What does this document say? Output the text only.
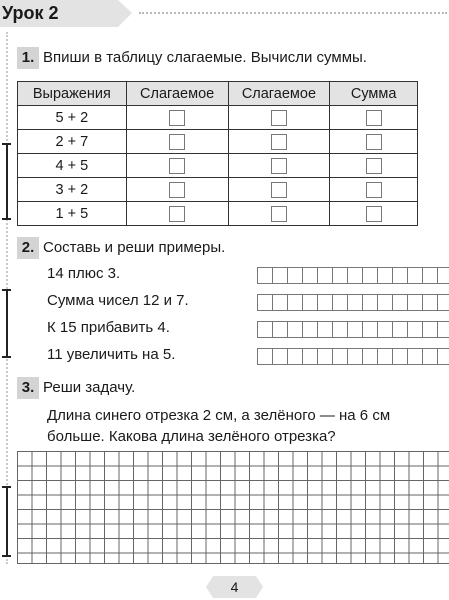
Урок 2
1. Впиши в таблицу слагаемые. Вычисли суммы.
Выражения	Слагаемое	Слагаемое	Сумма
5 + 2			
2 + 7			
4 + 5			
3 + 2			
1 + 5			
2. Составь и реши примеры.
14 плюс 3.
Сумма чисел 12 и 7.
К 15 прибавить 4.
11 увеличить на 5.
3. Реши задачу.
Длина синего отрезка 2 см, а зелёного — на 6 см
больше. Какова длина зелёного отрезка?
4
